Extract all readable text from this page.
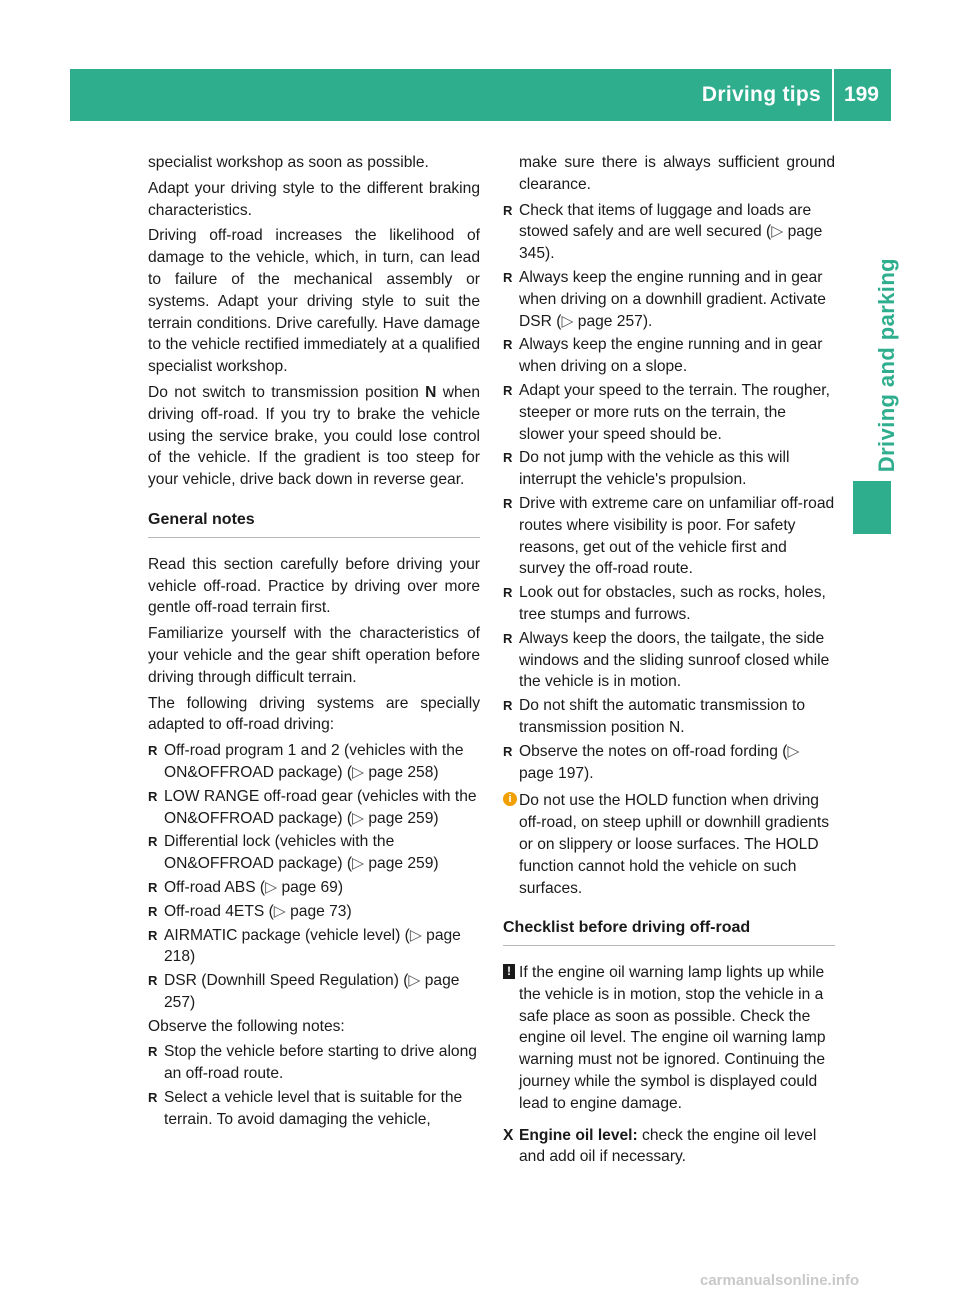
Driving tips 199
Driving and parking

specialist workshop as soon as possible.

Adapt your driving style to the different braking characteristics.

Driving off-road increases the likelihood of damage to the vehicle, which, in turn, can lead to failure of the mechanical assembly or systems. Adapt your driving style to suit the terrain conditions. Drive carefully. Have damage to the vehicle rectified immediately at a qualified specialist workshop.

Do not switch to transmission position N when driving off-road. If you try to brake the vehicle using the service brake, you could lose control of the vehicle. If the gradient is too steep for your vehicle, drive back down in reverse gear.

General notes

Read this section carefully before driving your vehicle off-road. Practice by driving over more gentle off-road terrain first.

Familiarize yourself with the characteristics of your vehicle and the gear shift operation before driving through difficult terrain.

The following driving systems are specially adapted to off-road driving:

R Off-road program 1 and 2 (vehicles with the ON&OFFROAD package) (▷ page 258)
R LOW RANGE off-road gear (vehicles with the ON&OFFROAD package) (▷ page 259)
R Differential lock (vehicles with the ON&OFFROAD package) (▷ page 259)
R Off-road ABS (▷ page 69)
R Off-road 4ETS (▷ page 73)
R AIRMATIC package (vehicle level) (▷ page 218)
R DSR (Downhill Speed Regulation) (▷ page 257)

Observe the following notes:

R Stop the vehicle before starting to drive along an off-road route.
R Select a vehicle level that is suitable for the terrain. To avoid damaging the vehicle,

make sure there is always sufficient ground clearance.

R Check that items of luggage and loads are stowed safely and are well secured (▷ page 345).
R Always keep the engine running and in gear when driving on a downhill gradient. Activate DSR (▷ page 257).
R Always keep the engine running and in gear when driving on a slope.
R Adapt your speed to the terrain. The rougher, steeper or more ruts on the terrain, the slower your speed should be.
R Do not jump with the vehicle as this will interrupt the vehicle's propulsion.
R Drive with extreme care on unfamiliar off-road routes where visibility is poor. For safety reasons, get out of the vehicle first and survey the off-road route.
R Look out for obstacles, such as rocks, holes, tree stumps and furrows.
R Always keep the doors, the tailgate, the side windows and the sliding sunroof closed while the vehicle is in motion.
R Do not shift the automatic transmission to transmission position N.
R Observe the notes on off-road fording (▷ page 197).
i Do not use the HOLD function when driving off-road, on steep uphill or downhill gradients or on slippery or loose surfaces. The HOLD function cannot hold the vehicle on such surfaces.
Checklist before driving off-road
! If the engine oil warning lamp lights up while the vehicle is in motion, stop the vehicle in a safe place as soon as possible. Check the engine oil level. The engine oil warning lamp warning must not be ignored. Continuing the journey while the symbol is displayed could lead to engine damage.
X Engine oil level: check the engine oil level and add oil if necessary.
carmanualsonline.info
